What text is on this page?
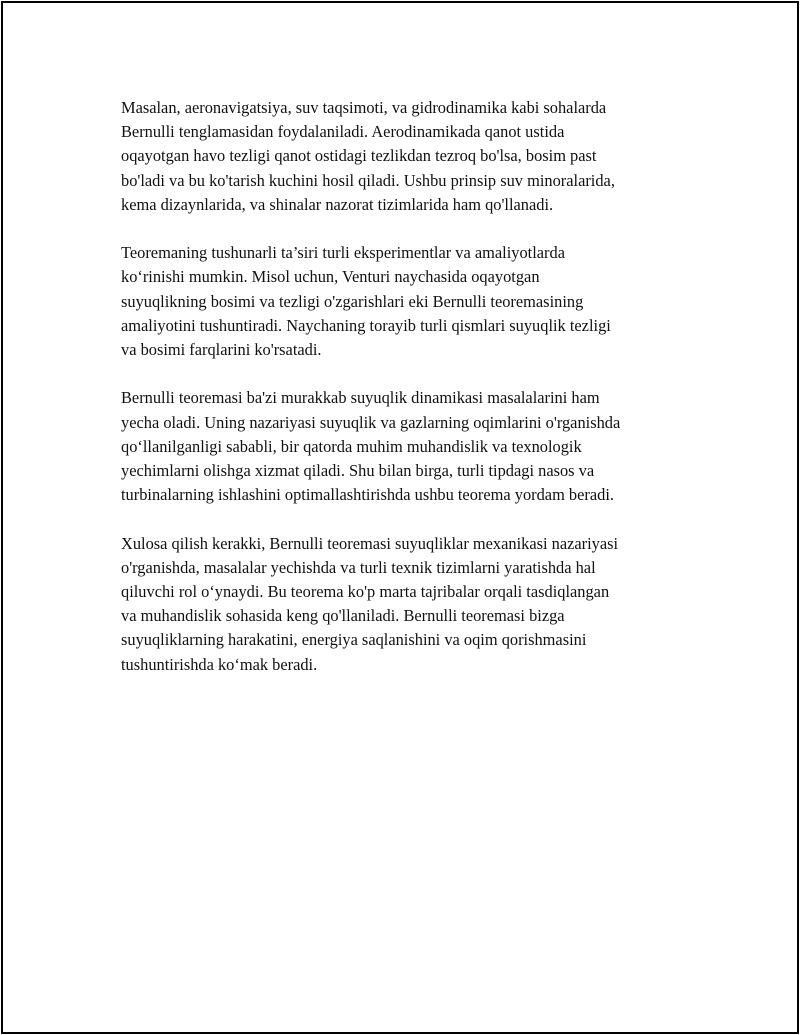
Masalan, aeronavigatsiya, suv taqsimoti, va gidrodinamika kabi sohalarda
Bernulli tenglamasidan foydalaniladi. Aerodinamikada qanot ustida
oqayotgan havo tezligi qanot ostidagi tezlikdan tezroq bo'lsa, bosim past
bo'ladi va bu ko'tarish kuchini hosil qiladi. Ushbu prinsip suv minoralarida,
kema dizaynlarida, va shinalar nazorat tizimlarida ham qo'llanadi.

Teoremaning tushunarli ta’siri turli eksperimentlar va amaliyotlarda
ko‘rinishi mumkin. Misol uchun, Venturi naychasida oqayotgan
suyuqlikning bosimi va tezligi o'zgarishlari eki Bernulli teoremasining
amaliyotini tushuntiradi. Naychaning torayib turli qismlari suyuqlik tezligi
va bosimi farqlarini ko'rsatadi.

Bernulli teoremasi ba'zi murakkab suyuqlik dinamikasi masalalarini ham
yecha oladi. Uning nazariyasi suyuqlik va gazlarning oqimlarini o'rganishda
qo‘llanilganligi sababli, bir qatorda muhim muhandislik va texnologik
yechimlarni olishga xizmat qiladi. Shu bilan birga, turli tipdagi nasos va
turbinalarning ishlashini optimallashtirishda ushbu teorema yordam beradi.

Xulosa qilish kerakki, Bernulli teoremasi suyuqliklar mexanikasi nazariyasi
o'rganishda, masalalar yechishda va turli texnik tizimlarni yaratishda hal
qiluvchi rol o‘ynaydi. Bu teorema ko'p marta tajribalar orqali tasdiqlangan
va muhandislik sohasida keng qo'llaniladi. Bernulli teoremasi bizga
suyuqliklarning harakatini, energiya saqlanishini va oqim qorishmasini
tushuntirishda ko‘mak beradi.
